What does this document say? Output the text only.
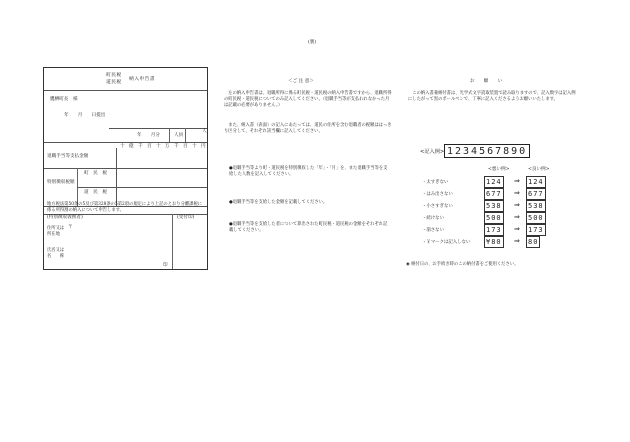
(裏)
町民税
道民税
納入申告書
鷹栖町長　様
年　　月　　日提出
年　　月分	人員
人
十 億 千 百 十 万 千 百 十 円
退職手当等支払金額
特別徴収税額
町　民　税
道　民　税
地方税法第50条の5及び第328条の5第2項の規定により上記のとおり分離課税に係る所得割の納入について申告します。
(特別徴収義務者)
住所又は
所在地
〒
氏名又は
名　　称
印
(受付印)
＜ご 注 意＞
　左の納入申告書は、退職所得に係る町民税・道民税の納入申告書ですから、退職所得の町民税・道民税についてのみ記入してください。（退職手当等が支払われなかった月は記載の必要がありません。）
　また、納入書（表面）の記入にあたっては、道民の住所を含む退職者の税額ははっきり区分して、それぞれ該当欄に記入してください。
●退職手当等より町・道民税を特別徴収した「年」・「月」を、また退職手当等を支給した人数を記入してください。
●退職手当等を支給した金額を記載してください。
●退職手当等を支給した者について算出された町民税・道民税の金額をそれぞれ記載してください。
お　　願　　い
　この納入書兼納付書は、光学式文字読取装置で読み取りますので、記入数字は記入例にしたがって黒のボールペンで、丁寧に記入くださるようお願いいたします。
<記入例> 1234567890
<悪い例>	<良い例>
・太すぎない	124 ⇒ 124
・はみ出さない	677 ⇒ 677
・小さすぎない	538 ⇒ 538
・続けない	500 ⇒ 500
・崩さない	173 ⇒ 173
・￥マークは記入しない ¥80 ⇒ 80
◉ 納付日の、お手続き時のこの納付書をご使用ください。
